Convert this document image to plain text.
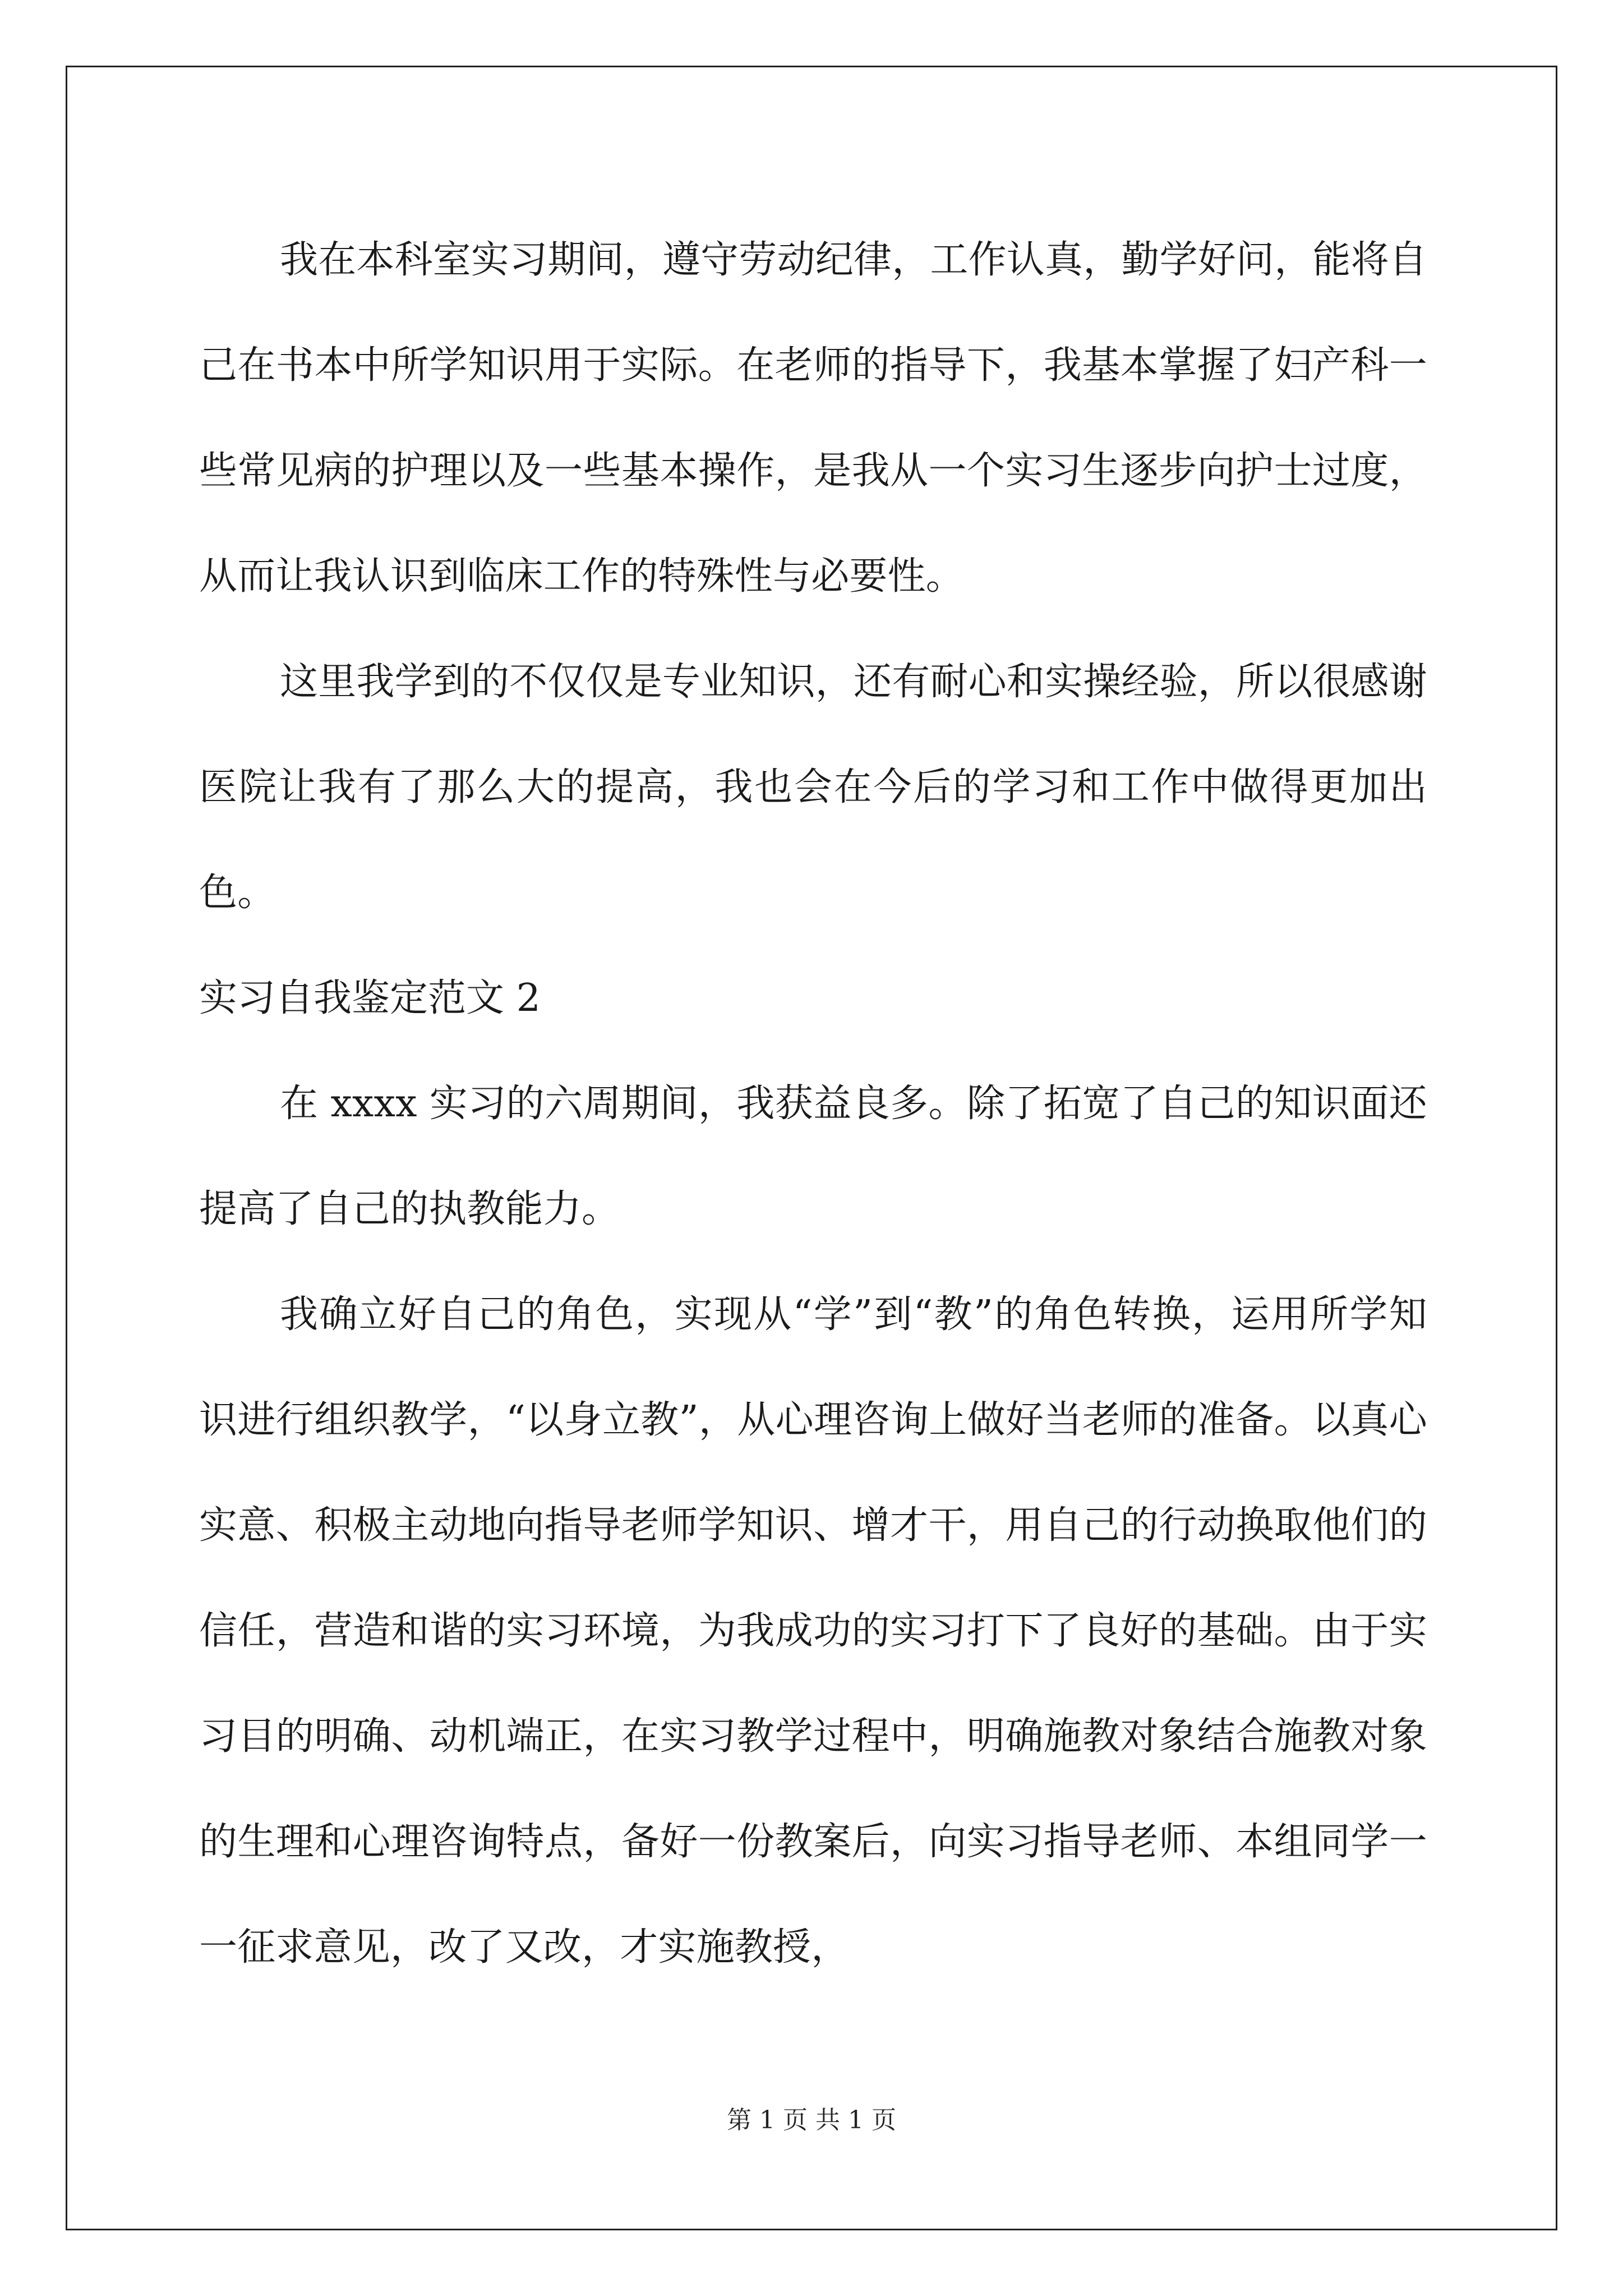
我在本科室实习期间，遵守劳动纪律，工作认真，勤学好问，能将自己在书本中所学知识用于实际。在老师的指导下，我基本掌握了妇产科一些常见病的护理以及一些基本操作，是我从一个实习生逐步向护士过度，从而让我认识到临床工作的特殊性与必要性。

这里我学到的不仅仅是专业知识，还有耐心和实操经验，所以很感谢医院让我有了那么大的提高，我也会在今后的学习和工作中做得更加出色。

实习自我鉴定范文 2

在 xxxx 实习的六周期间，我获益良多。除了拓宽了自己的知识面还提高了自己的执教能力。

我确立好自己的角色，实现从“学”到“教”的角色转换，运用所学知识进行组织教学，“以身立教”，从心理咨询上做好当老师的准备。以真心实意、积极主动地向指导老师学知识、增才干，用自己的行动换取他们的信任，营造和谐的实习环境，为我成功的实习打下了良好的基础。由于实习目的明确、动机端正，在实习教学过程中，明确施教对象结合施教对象的生理和心理咨询特点，备好一份教案后，向实习指导老师、本组同学一一征求意见，改了又改，才实施教授，

第 1 页 共 1 页
